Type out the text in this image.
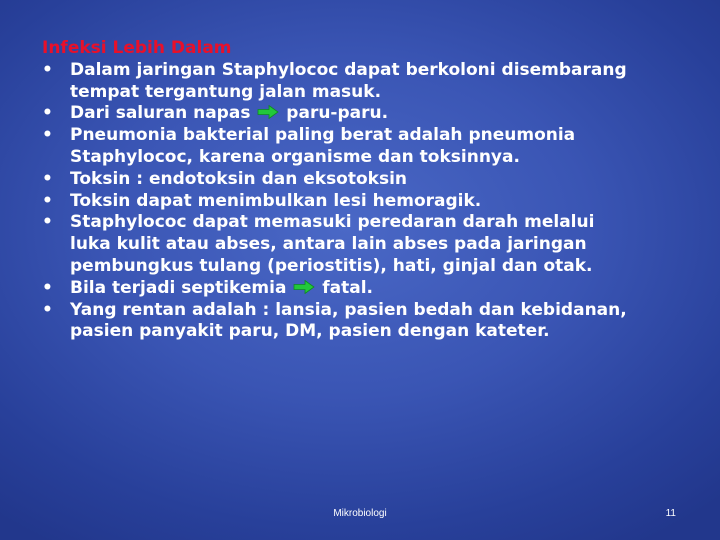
Infeksi Lebih Dalam
• Dalam jaringan Staphylococ dapat berkoloni disembarang
tempat tergantung jalan masuk.
• Dari saluran napas paru-paru.
• Pneumonia bakterial paling berat adalah pneumonia
Staphylococ, karena organisme dan toksinnya.
• Toksin : endotoksin dan eksotoksin
• Toksin dapat menimbulkan lesi hemoragik.
• Staphylococ dapat memasuki peredaran darah melalui
luka kulit atau abses, antara lain abses pada jaringan
pembungkus tulang (periostitis), hati, ginjal dan otak.
• Bila terjadi septikemia fatal.
• Yang rentan adalah : lansia, pasien bedah dan kebidanan,
pasien panyakit paru, DM, pasien dengan kateter.
Mikrobiologi	11
